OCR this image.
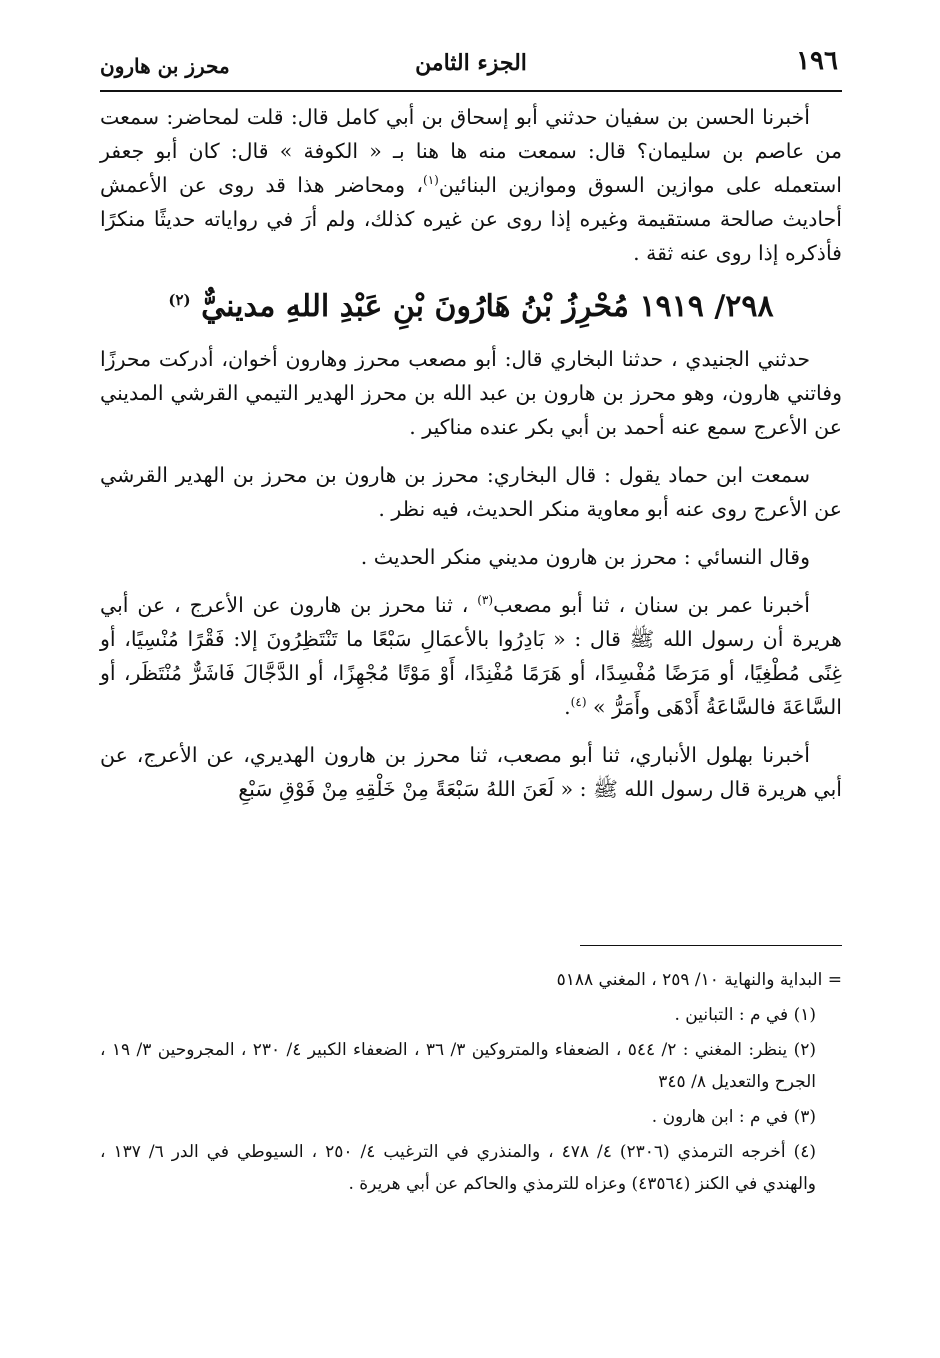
١٩٦
الجزء الثامن
محرز بن هارون

أخبرنا الحسن بن سفيان حدثني أبو إسحاق بن أبي كامل قال: قلت لمحاضر: سمعت من عاصم بن سليمان؟ قال: سمعت منه ها هنا بـ « الكوفة » قال: كان أبو جعفر استعمله على موازين السوق وموازين البنائين$^{(١)}$، ومحاضر هذا قد روى عن الأعمش أحاديث صالحة مستقيمة وغيره إذا روى عن غيره كذلك، ولم أرَ في رواياته حديثًا منكرًا فأذكره إذا روى عنه ثقة .

٢٩٨/ ١٩١٩ مُحْرِزُ بْنُ هَارُونَ بْنِ عَبْدِ اللهِ مدينيٌّ $^{(٢)}$

حدثني الجنيدي ، حدثنا البخاري قال: أبو مصعب محرز وهارون أخوان، أدركت محرزًا وفاتني هارون، وهو محرز بن هارون بن عبد الله بن محرز الهدير التيمي القرشي المديني عن الأعرج سمع عنه أحمد بن أبي بكر عنده مناكير .

سمعت ابن حماد يقول : قال البخاري: محرز بن هارون بن محرز بن الهدير القرشي عن الأعرج روى عنه أبو معاوية منكر الحديث، فيه نظر .

وقال النسائي : محرز بن هارون مديني منكر الحديث .

أخبرنا عمر بن سنان ، ثنا أبو مصعب$^{(٣)}$ ، ثنا محرز بن هارون عن الأعرج ، عن أبي هريرة أن رسول الله ﷺ قال : « بَادِرُوا بالأعمَالِ سَبْعًا ما تَنْتَظِرُونَ إلا: فَقْرًا مُنْسِيًا، أو غِنًى مُطْغِيًا، أو مَرَضًا مُفْسِدًا، أو هَرَمًا مُفْنِدًا، أَوْ مَوْتًا مُجْهِزًا، أو الدَّجَّالَ فَاشَرٌّ مُنْتَظَر، أو السَّاعَةَ فالسَّاعَةُ أَدْهَى وأَمَرُّ » $^{(٤)}$.

أخبرنا بهلول الأنباري، ثنا أبو مصعب، ثنا محرز بن هارون الهديري، عن الأعرج، عن أبي هريرة قال رسول الله ﷺ : « لَعَنَ اللهُ سَبْعَةً مِنْ خَلْقِهِ مِنْ فَوْقِ سَبْعِ

= البداية والنهاية ١٠/ ٢٥٩ ، المغني ٥١٨٨

(١) في م : التبانين .

(٢) ينظر: المغني : ٢/ ٥٤٤ ، الضعفاء والمتروكين ٣/ ٣٦ ، الضعفاء الكبير ٤/ ٢٣٠ ، المجروحين ٣/ ١٩ ، الجرح والتعديل ٨/ ٣٤٥

(٣) في م : ابن هارون .

(٤) أخرجه الترمذي (٢٣٠٦) ٤/ ٤٧٨ ، والمنذري في الترغيب ٤/ ٢٥٠ ، السيوطي في الدر ٦/ ١٣٧ ، والهندي في الكنز (٤٣٥٦٤) وعزاه للترمذي والحاكم عن أبي هريرة .
